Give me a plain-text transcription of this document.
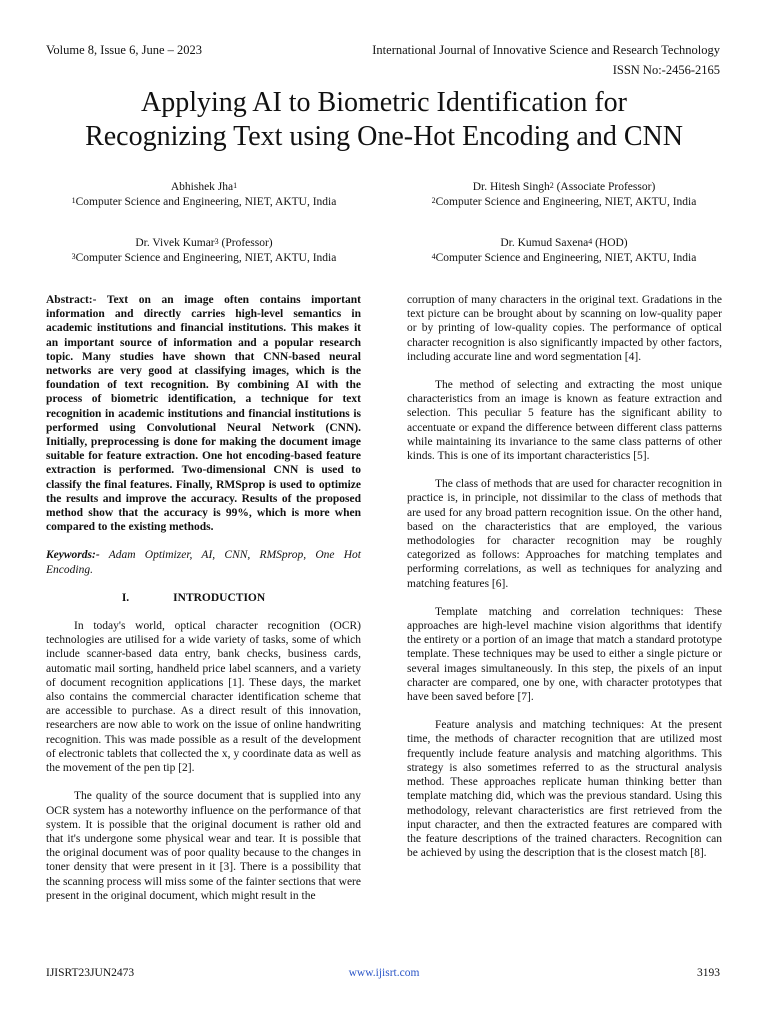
Volume 8, Issue 6, June – 2023	International Journal of Innovative Science and Research Technology
ISSN No:-2456-2165
Applying AI to Biometric Identification for
Recognizing Text using One-Hot Encoding and CNN
Abhishek Jha$^1$
$^1$Computer Science and Engineering, NIET, AKTU, India
Dr. Hitesh Singh$^2$ (Associate Professor)
$^2$Computer Science and Engineering, NIET, AKTU, India
Dr. Vivek Kumar$^3$ (Professor)
$^3$Computer Science and Engineering, NIET, AKTU, India
Dr. Kumud Saxena$^4$ (HOD)
$^4$Computer Science and Engineering, NIET, AKTU, India

Abstract:- Text on an image often contains important information and directly carries high-level semantics in academic institutions and financial institutions. This makes it an important source of information and a popular research topic. Many studies have shown that CNN-based neural networks are very good at classifying images, which is the foundation of text recognition. By combining AI with the process of biometric identification, a technique for text recognition in academic institutions and financial institutions is performed using Convolutional Neural Network (CNN). Initially, preprocessing is done for making the document image suitable for feature extraction. One hot encoding-based feature extraction is performed. Two-dimensional CNN is used to classify the final features. Finally, RMSprop is used to optimize the results and improve the accuracy. Results of the proposed method show that the accuracy is 99%, which is more when compared to the existing methods.

Keywords:- Adam Optimizer, AI, CNN, RMSprop, One Hot Encoding.

I.	INTRODUCTION

In today's world, optical character recognition (OCR) technologies are utilised for a wide variety of tasks, some of which include scanner-based data entry, bank checks, business cards, automatic mail sorting, handheld price label scanners, and a variety of document recognition applications [1]. These days, the market also contains the commercial character identification scheme that are accessible to purchase. As a direct result of this innovation, researchers are now able to work on the issue of online handwriting recognition. This was made possible as a result of the development of electronic tablets that collected the x, y coordinate data as well as the movement of the pen tip [2].

The quality of the source document that is supplied into any OCR system has a noteworthy influence on the performance of that system. It is possible that the original document is rather old and that it's undergone some physical wear and tear. It is possible that the original document was of poor quality because to the changes in toner density that were present in it [3]. There is a possibility that the scanning process will miss some of the fainter sections that were present in the original document, which might result in the

corruption of many characters in the original text. Gradations in the text picture can be brought about by scanning on low-quality paper or by printing of low-quality copies. The performance of optical character recognition is also significantly impacted by other factors, including accurate line and word segmentation [4].

The method of selecting and extracting the most unique characteristics from an image is known as feature extraction and selection. This peculiar 5 feature has the significant ability to accentuate or expand the difference between different class patterns while maintaining its invariance to the same class patterns of other kinds. This is one of its important characteristics [5].

The class of methods that are used for character recognition in practice is, in principle, not dissimilar to the class of methods that are used for any broad pattern recognition issue. On the other hand, based on the characteristics that are employed, the various methodologies for character recognition may be roughly categorized as follows: Approaches for matching templates and performing correlations, as well as techniques for analyzing and matching features [6].

Template matching and correlation techniques: These approaches are high-level machine vision algorithms that identify the entirety or a portion of an image that match a standard prototype template. These techniques may be used to either a single picture or several images simultaneously. In this step, the pixels of an input character are compared, one by one, with character prototypes that have been saved before [7].

Feature analysis and matching techniques: At the present time, the methods of character recognition that are utilized most frequently include feature analysis and matching algorithms. This strategy is also sometimes referred to as the structural analysis method. These approaches replicate human thinking better than template matching did, which was the previous standard. Using this methodology, relevant characteristics are first retrieved from the input character, and then the extracted features are compared with the feature descriptions of the trained characters. Recognition can be achieved by using the description that is the closest match [8].

IJISRT23JUN2473	www.ijisrt.com	3193
